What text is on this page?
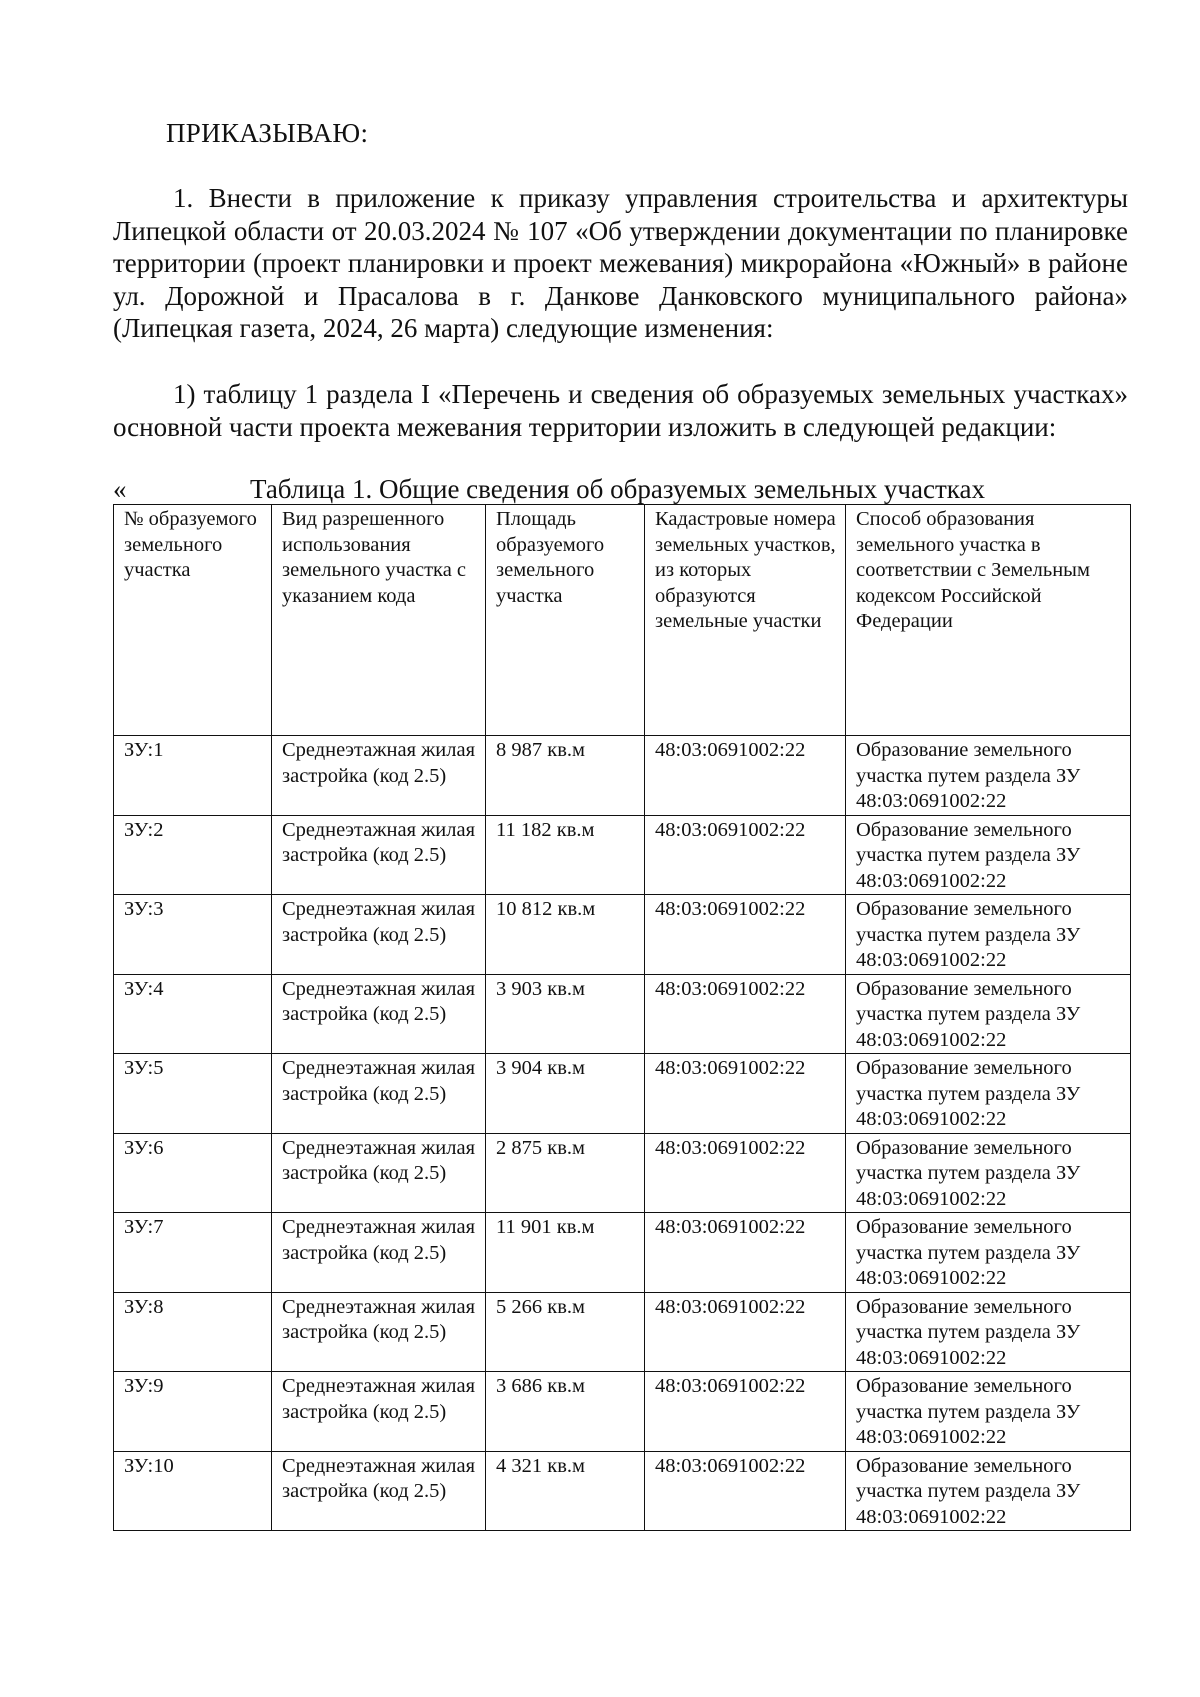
ПРИКАЗЫВАЮ:

1. Внести в приложение к приказу управления строительства и архитектуры Липецкой области от 20.03.2024 № 107 «Об утверждении документации по планировке территории (проект планировки и проект межевания) микрорайона «Южный» в районе ул. Дорожной и Прасалова в г. Данкове Данковского муниципального района» (Липецкая газета, 2024, 26 марта) следующие изменения:

1) таблицу 1 раздела I «Перечень и сведения об образуемых земельных участках» основной части проекта межевания территории изложить в следующей редакции:

«	Таблица 1. Общие сведения об образуемых земельных участках
№ образуемого земельного участка	Вид разрешенного использования земельного участка с указанием кода	Площадь образуемого земельного участка	Кадастровые номера земельных участков, из которых образуются земельные участки	Способ образования земельного участка в соответствии с Земельным кодексом Российской Федерации
ЗУ:1	Среднеэтажная жилая застройка (код 2.5)	8 987 кв.м	48:03:0691002:22	Образование земельного участка путем раздела ЗУ 48:03:0691002:22
ЗУ:2	Среднеэтажная жилая застройка (код 2.5)	11 182 кв.м	48:03:0691002:22	Образование земельного участка путем раздела ЗУ 48:03:0691002:22
ЗУ:3	Среднеэтажная жилая застройка (код 2.5)	10 812 кв.м	48:03:0691002:22	Образование земельного участка путем раздела ЗУ 48:03:0691002:22
ЗУ:4	Среднеэтажная жилая застройка (код 2.5)	3 903 кв.м	48:03:0691002:22	Образование земельного участка путем раздела ЗУ 48:03:0691002:22
ЗУ:5	Среднеэтажная жилая застройка (код 2.5)	3 904 кв.м	48:03:0691002:22	Образование земельного участка путем раздела ЗУ 48:03:0691002:22
ЗУ:6	Среднеэтажная жилая застройка (код 2.5)	2 875 кв.м	48:03:0691002:22	Образование земельного участка путем раздела ЗУ 48:03:0691002:22
ЗУ:7	Среднеэтажная жилая застройка (код 2.5)	11 901 кв.м	48:03:0691002:22	Образование земельного участка путем раздела ЗУ 48:03:0691002:22
ЗУ:8	Среднеэтажная жилая застройка (код 2.5)	5 266 кв.м	48:03:0691002:22	Образование земельного участка путем раздела ЗУ 48:03:0691002:22
ЗУ:9	Среднеэтажная жилая застройка (код 2.5)	3 686 кв.м	48:03:0691002:22	Образование земельного участка путем раздела ЗУ 48:03:0691002:22
ЗУ:10	Среднеэтажная жилая застройка (код 2.5)	4 321 кв.м	48:03:0691002:22	Образование земельного участка путем раздела ЗУ 48:03:0691002:22
